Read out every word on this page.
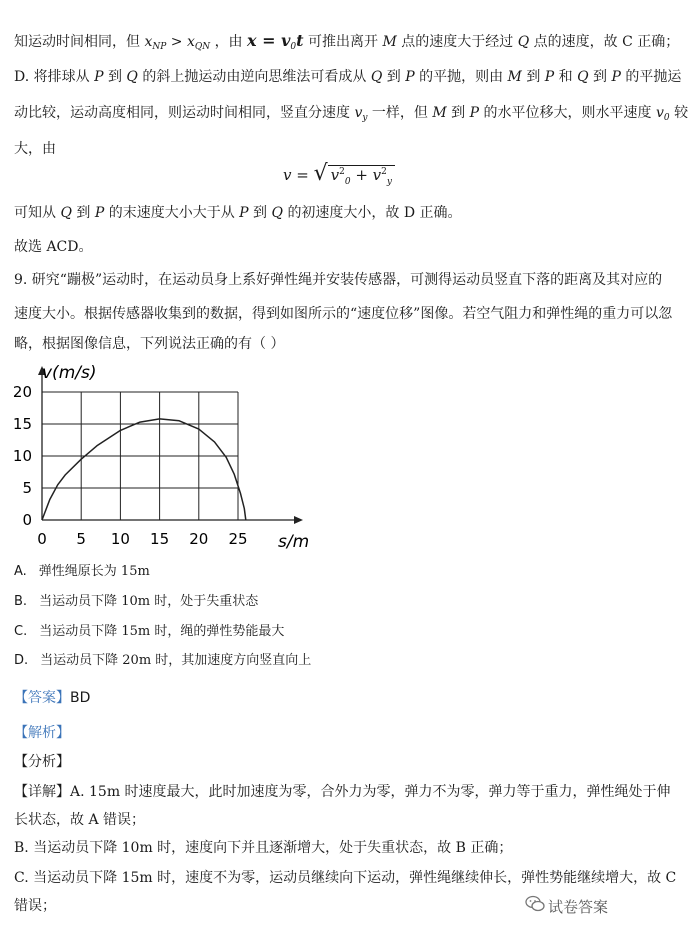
知运动时间相同，但 $x_{NP} > x_{QN}$ ，由 $x = v_0t$ 可推出离开 M 点的速度大于经过 Q 点的速度，故 C 正确；
D. 将排球从 P 到 Q 的斜上抛运动由逆向思维法可看成从 Q 到 P 的平抛，则由 M 到 P 和 Q 到 P 的平抛运
动比较，运动高度相同，则运动时间相同，竖直分速度 $v_y$ 一样，但 M 到 P 的水平位移大，则水平速度 $v_0$ 较
大，由
v = √ $v^2_0 + v^2_y$
可知从 Q 到 P 的末速度大小大于从 P 到 Q 的初速度大小，故 D 正确。
故选 ACD。
9. 研究“蹦极”运动时，在运动员身上系好弹性绳并安装传感器，可测得运动员竖直下落的距离及其对应的
速度大小。根据传感器收集到的数据，得到如图所示的“速度位移”图像。若空气阻力和弹性绳的重力可以忽
略，根据图像信息，下列说法正确的有（ ）
0 5 10 15 20 25
0
5
10
15
20
v(m/s)
s/m
A. 弹性绳原长为 15m
B. 当运动员下降 10m 时，处于失重状态
C. 当运动员下降 15m 时，绳的弹性势能最大
D. 当运动员下降 20m 时，其加速度方向竖直向上
【答案】BD
【解析】
【分析】
【详解】A. 15m 时速度最大，此时加速度为零，合外力为零，弹力不为零，弹力等于重力，弹性绳处于伸
长状态，故 A 错误；
B. 当运动员下降 10m 时，速度向下并且逐渐增大，处于失重状态，故 B 正确；
C. 当运动员下降 15m 时，速度不为零，运动员继续向下运动，弹性绳继续伸长，弹性势能继续增大，故 C
错误；	试卷答案
